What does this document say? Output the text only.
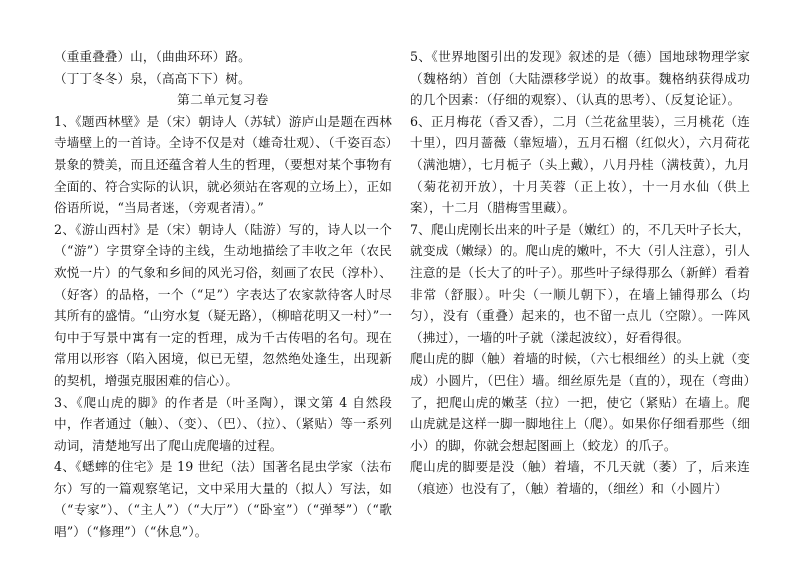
（重重叠叠）山，（曲曲环环）路。

（丁丁冬冬）泉，（高高下下）树。

第二单元复习卷

1、《题西林壁》是（宋）朝诗人（苏轼）游庐山是题在西林寺墙壁上的一首诗。全诗不仅是对（雄奇壮观）、（千姿百态）景象的赞美，而且还蕴含着人生的哲理，（要想对某个事物有全面的、符合实际的认识，就必须站在客观的立场上），正如俗语所说，“当局者迷，（旁观者清）。”

2、《游山西村》是（宋）朝诗人（陆游）写的，诗人以一个（“游”）字贯穿全诗的主线，生动地描绘了丰收之年（农民欢悦一片）的气象和乡间的风光习俗，刻画了农民（淳朴）、（好客）的品格，一个（“足”）字表达了农家款待客人时尽其所有的盛情。“山穷水复（疑无路），（柳暗花明又一村）”一句中于写景中寓有一定的哲理，成为千古传唱的名句。现在常用以形容（陷入困境，似已无望，忽然绝处逢生，出现新的契机，增强克服困难的信心）。

3、《爬山虎的脚》的作者是（叶圣陶），课文第 4 自然段中，作者通过（触）、（变）、（巴）、（拉）、（紧贴）等一系列动词，清楚地写出了爬山虎爬墙的过程。

4、《蟋蟀的住宅》是 19 世纪（法）国著名昆虫学家（法布尔）写的一篇观察笔记，文中采用大量的（拟人）写法，如（“专家”）、（“主人”）（“大厅”）（“卧室”）（“弹琴”）（“歌唱”）（“修理”）（“休息”）。

5、《世界地图引出的发现》叙述的是（德）国地球物理学家（魏格纳）首创（大陆漂移学说）的故事。魏格纳获得成功的几个因素：（仔细的观察）、（认真的思考）、（反复论证）。

6、正月梅花（香又香），二月（兰花盆里装），三月桃花（连十里），四月蔷薇（靠短墙），五月石榴（红似火），六月荷花（满池塘），七月栀子（头上戴），八月丹桂（满枝黄），九月（菊花初开放），十月芙蓉（正上妆），十一月水仙（供上案），十二月（腊梅雪里藏）。

7、爬山虎刚长出来的叶子是（嫩红）的，不几天叶子长大，就变成（嫩绿）的。爬山虎的嫩叶，不大（引人注意），引人注意的是（长大了的叶子）。那些叶子绿得那么（新鲜）看着非常（舒服）。叶尖（一顺儿朝下），在墙上铺得那么（均匀），没有（重叠）起来的，也不留一点儿（空隙）。一阵风（拂过），一墙的叶子就（漾起波纹），好看得很。

爬山虎的脚（触）着墙的时候，（六七根细丝）的头上就（变成）小圆片，（巴住）墙。细丝原先是（直的），现在（弯曲）了，把爬山虎的嫩茎（拉）一把，使它（紧贴）在墙上。爬山虎就是这样一脚一脚地往上（爬）。如果你仔细看那些（细小）的脚，你就会想起图画上（蛟龙）的爪子。

爬山虎的脚要是没（触）着墙，不几天就（萎）了，后来连（痕迹）也没有了，（触）着墙的，（细丝）和（小圆片）
